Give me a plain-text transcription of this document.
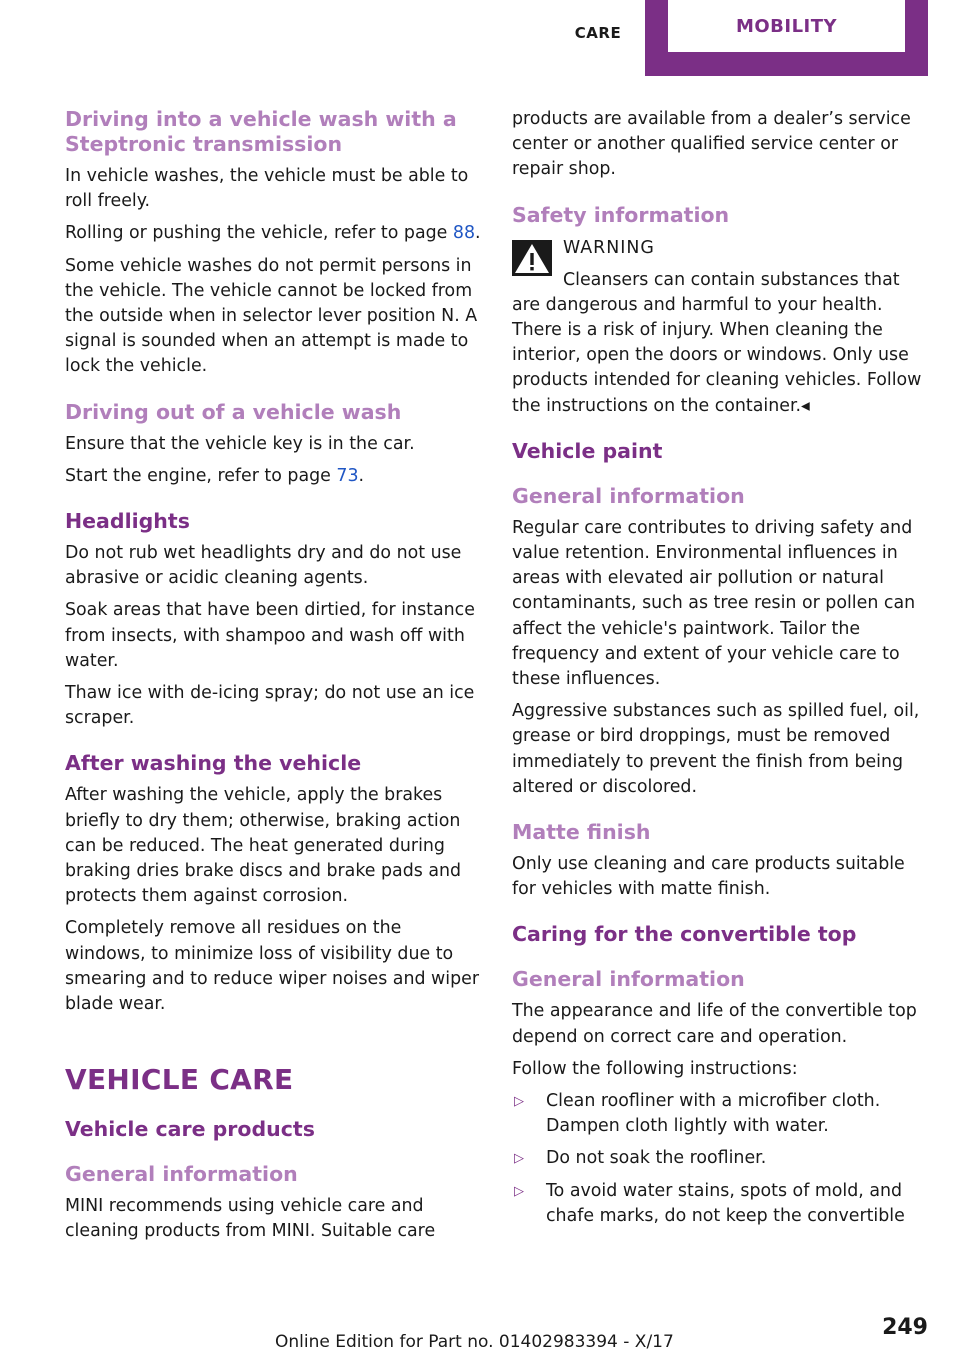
CARE	MOBILITY
Driving into a vehicle wash with a Steptronic transmission

In vehicle washes, the vehicle must be able to roll freely.

Rolling or pushing the vehicle, refer to page 88.

Some vehicle washes do not permit persons in the vehicle. The vehicle cannot be locked from the outside when in selector lever position N. A signal is sounded when an attempt is made to lock the vehicle.

Driving out of a vehicle wash

Ensure that the vehicle key is in the car.

Start the engine, refer to page 73.

Headlights

Do not rub wet headlights dry and do not use abrasive or acidic cleaning agents.

Soak areas that have been dirtied, for instance from insects, with shampoo and wash off with water.

Thaw ice with de-icing spray; do not use an ice scraper.

After washing the vehicle

After washing the vehicle, apply the brakes briefly to dry them; otherwise, braking action can be reduced. The heat generated during braking dries brake discs and brake pads and protects them against corrosion.

Completely remove all residues on the windows, to minimize loss of visibility due to smearing and to reduce wiper noises and wiper blade wear.

VEHICLE CARE
Vehicle care products
General information

MINI recommends using vehicle care and cleaning products from MINI. Suitable care

products are available from a dealer’s service center or another qualified service center or repair shop.

Safety information
WARNING
Cleansers can contain substances that are dangerous and harmful to your health. There is a risk of injury. When cleaning the interior, open the doors or windows. Only use products intended for cleaning vehicles. Follow the instructions on the container.◂
Vehicle paint
General information

Regular care contributes to driving safety and value retention. Environmental influences in areas with elevated air pollution or natural contaminants, such as tree resin or pollen can affect the vehicle's paintwork. Tailor the frequency and extent of your vehicle care to these influences.

Aggressive substances such as spilled fuel, oil, grease or bird droppings, must be removed immediately to prevent the finish from being altered or discolored.

Matte finish

Only use cleaning and care products suitable for vehicles with matte finish.

Caring for the convertible top
General information

The appearance and life of the convertible top depend on correct care and operation.

Follow the following instructions:

▷ Clean roofliner with a microfiber cloth. Dampen cloth lightly with water.
▷ Do not soak the roofliner.
▷ To avoid water stains, spots of mold, and chafe marks, do not keep the convertible
249
Online Edition for Part no. 01402983394 - X/17
